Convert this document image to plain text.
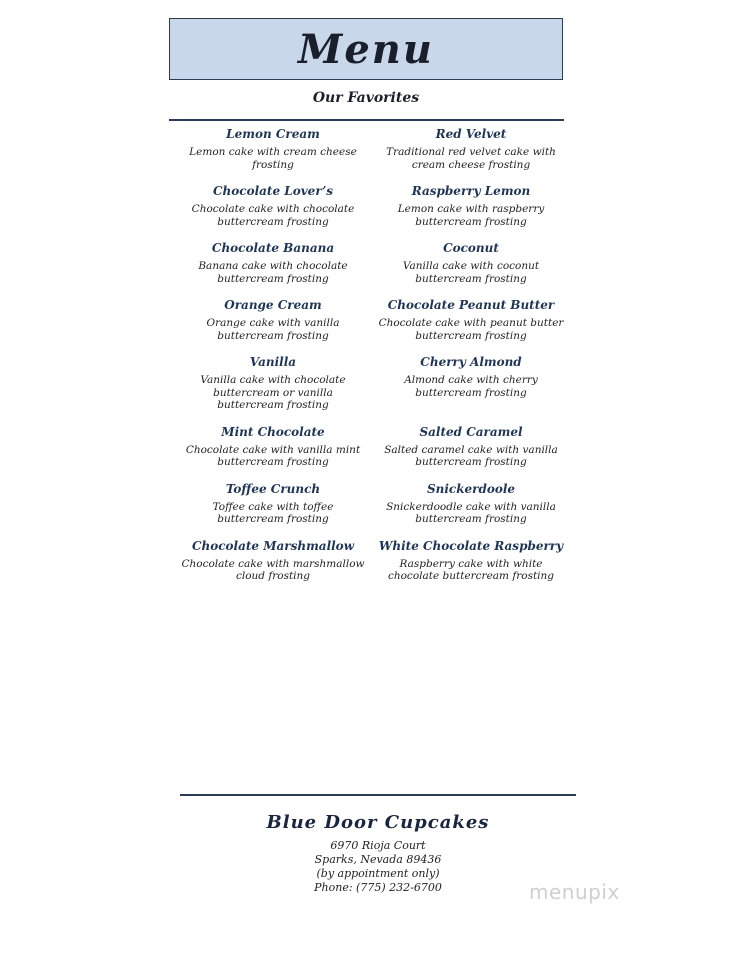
Menu
Our Favorites
Lemon Cream
Lemon cake with cream cheese
frosting
Red Velvet
Traditional red velvet cake with
cream cheese frosting
Chocolate Lover’s
Chocolate cake with chocolate
buttercream frosting
Raspberry Lemon
Lemon cake with raspberry
buttercream frosting
Chocolate Banana
Banana cake with chocolate
buttercream frosting
Coconut
Vanilla cake with coconut
buttercream frosting
Orange Cream
Orange cake with vanilla
buttercream frosting
Chocolate Peanut Butter
Chocolate cake with peanut butter
buttercream frosting
Vanilla
Vanilla cake with chocolate
buttercream or vanilla
buttercream frosting
Cherry Almond
Almond cake with cherry
buttercream frosting
Mint Chocolate
Chocolate cake with vanilla mint
buttercream frosting
Salted Caramel
Salted caramel cake with vanilla
buttercream frosting
Toffee Crunch
Toffee cake with toffee
buttercream frosting
Snickerdoole
Snickerdoodle cake with vanilla
buttercream frosting
Chocolate Marshmallow
Chocolate cake with marshmallow
cloud frosting
White Chocolate Raspberry
Raspberry cake with white
chocolate buttercream frosting
Blue Door Cupcakes
6970 Rioja Court
Sparks, Nevada 89436
(by appointment only)
Phone: (775) 232-6700	menupix
